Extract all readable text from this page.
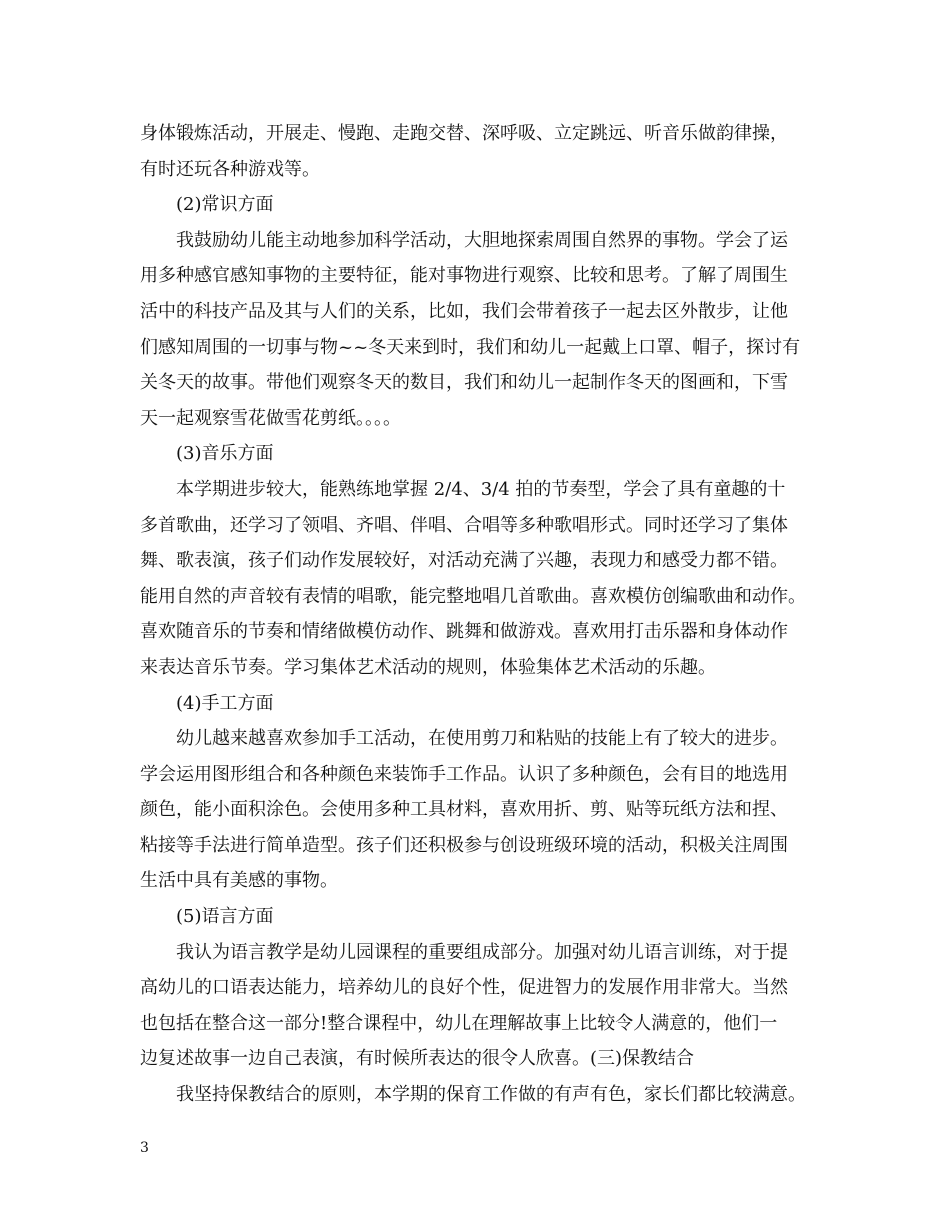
身体锻炼活动，开展走、慢跑、走跑交替、深呼吸、立定跳远、听音乐做韵律操，
有时还玩各种游戏等。
(2)常识方面
我鼓励幼儿能主动地参加科学活动，大胆地探索周围自然界的事物。学会了运
用多种感官感知事物的主要特征，能对事物进行观察、比较和思考。了解了周围生
活中的科技产品及其与人们的关系，比如，我们会带着孩子一起去区外散步，让他
们感知周围的一切事与物~~冬天来到时，我们和幼儿一起戴上口罩、帽子，探讨有
关冬天的故事。带他们观察冬天的数目，我们和幼儿一起制作冬天的图画和，下雪
天一起观察雪花做雪花剪纸。。。。
(3)音乐方面
本学期进步较大，能熟练地掌握 2/4、3/4 拍的节奏型，学会了具有童趣的十
多首歌曲，还学习了领唱、齐唱、伴唱、合唱等多种歌唱形式。同时还学习了集体
舞、歌表演，孩子们动作发展较好，对活动充满了兴趣，表现力和感受力都不错。
能用自然的声音较有表情的唱歌，能完整地唱几首歌曲。喜欢模仿创编歌曲和动作。
喜欢随音乐的节奏和情绪做模仿动作、跳舞和做游戏。喜欢用打击乐器和身体动作
来表达音乐节奏。学习集体艺术活动的规则，体验集体艺术活动的乐趣。
(4)手工方面
幼儿越来越喜欢参加手工活动，在使用剪刀和粘贴的技能上有了较大的进步。
学会运用图形组合和各种颜色来装饰手工作品。认识了多种颜色，会有目的地选用
颜色，能小面积涂色。会使用多种工具材料，喜欢用折、剪、贴等玩纸方法和捏、
粘接等手法进行简单造型。孩子们还积极参与创设班级环境的活动，积极关注周围
生活中具有美感的事物。
(5)语言方面
我认为语言教学是幼儿园课程的重要组成部分。加强对幼儿语言训练，对于提
高幼儿的口语表达能力，培养幼儿的良好个性，促进智力的发展作用非常大。当然
也包括在整合这一部分!整合课程中，幼儿在理解故事上比较令人满意的，他们一
边复述故事一边自己表演，有时候所表达的很令人欣喜。(三)保教结合
我坚持保教结合的原则，本学期的保育工作做的有声有色，家长们都比较满意。
3
